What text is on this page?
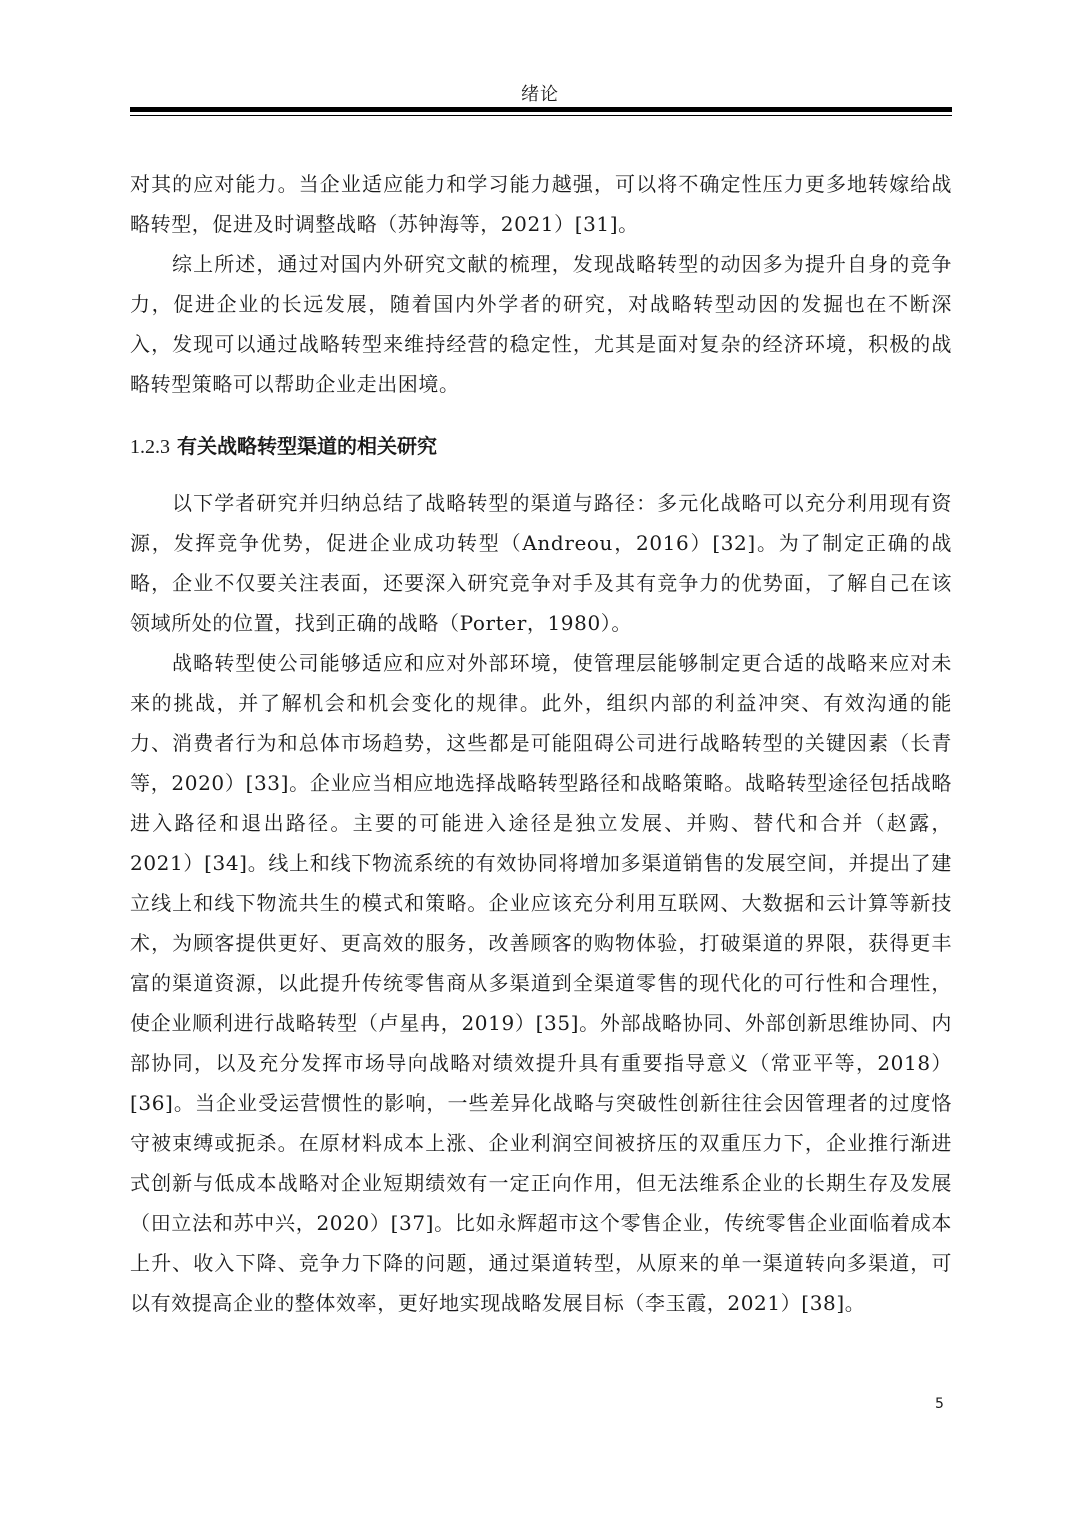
绪论

对其的应对能力。当企业适应能力和学习能力越强，可以将不确定性压力更多地转嫁给战略转型，促进及时调整战略（苏钟海等，2021）[31]。

综上所述，通过对国内外研究文献的梳理，发现战略转型的动因多为提升自身的竞争力，促进企业的长远发展，随着国内外学者的研究，对战略转型动因的发掘也在不断深入，发现可以通过战略转型来维持经营的稳定性，尤其是面对复杂的经济环境，积极的战略转型策略可以帮助企业走出困境。

1.2.3 有关战略转型渠道的相关研究

以下学者研究并归纳总结了战略转型的渠道与路径：多元化战略可以充分利用现有资源，发挥竞争优势，促进企业成功转型（Andreou，2016）[32]。为了制定正确的战略，企业不仅要关注表面，还要深入研究竞争对手及其有竞争力的优势面，了解自己在该领域所处的位置，找到正确的战略（Porter，1980）。

战略转型使公司能够适应和应对外部环境，使管理层能够制定更合适的战略来应对未来的挑战，并了解机会和机会变化的规律。此外，组织内部的利益冲突、有效沟通的能力、消费者行为和总体市场趋势，这些都是可能阻碍公司进行战略转型的关键因素（长青等，2020）[33]。企业应当相应地选择战略转型路径和战略策略。战略转型途径包括战略进入路径和退出路径。主要的可能进入途径是独立发展、并购、替代和合并（赵露，2021）[34]。线上和线下物流系统的有效协同将增加多渠道销售的发展空间，并提出了建立线上和线下物流共生的模式和策略。企业应该充分利用互联网、大数据和云计算等新技术，为顾客提供更好、更高效的服务，改善顾客的购物体验，打破渠道的界限，获得更丰富的渠道资源，以此提升传统零售商从多渠道到全渠道零售的现代化的可行性和合理性，使企业顺利进行战略转型（卢星冉，2019）[35]。外部战略协同、外部创新思维协同、内部协同，以及充分发挥市场导向战略对绩效提升具有重要指导意义（常亚平等，2018）[36]。当企业受运营惯性的影响，一些差异化战略与突破性创新往往会因管理者的过度恪守被束缚或扼杀。在原材料成本上涨、企业利润空间被挤压的双重压力下，企业推行渐进式创新与低成本战略对企业短期绩效有一定正向作用，但无法维系企业的长期生存及发展（田立法和苏中兴，2020）[37]。比如永辉超市这个零售企业，传统零售企业面临着成本上升、收入下降、竞争力下降的问题，通过渠道转型，从原来的单一渠道转向多渠道，可以有效提高企业的整体效率，更好地实现战略发展目标（李玉霞，2021）[38]。

5
